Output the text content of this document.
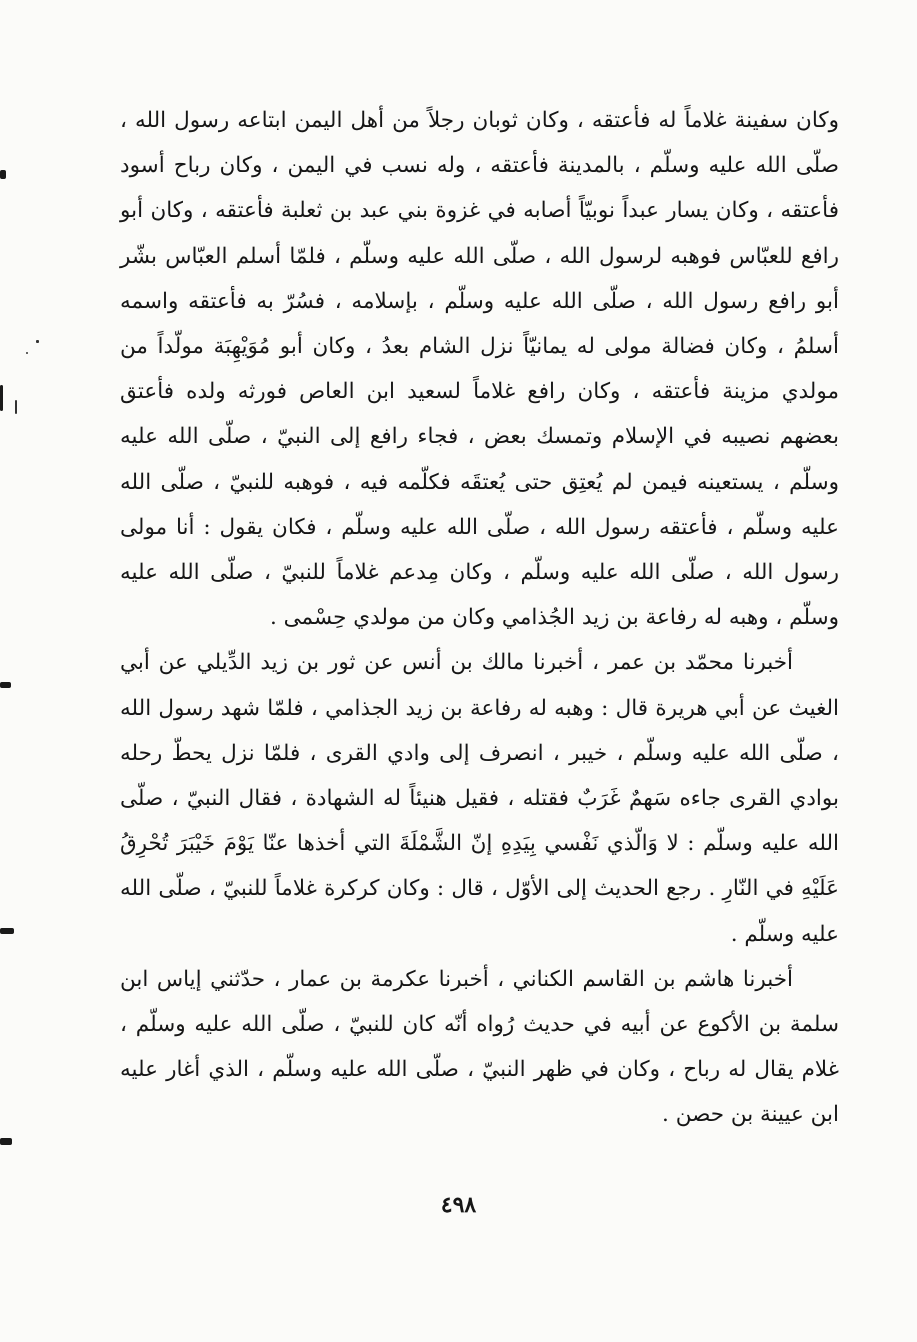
وكان سفينة غلاماً له فأعتقه ، وكان ثوبان رجلاً من أهل اليمن ابتاعه رسول الله ، صلّى الله عليه وسلّم ، بالمدينة فأعتقه ، وله نسب في اليمن ، وكان رباح أسود فأعتقه ، وكان يسار عبداً نوبيّاً أصابه في غزوة بني عبد بن ثعلبة فأعتقه ، وكان أبو رافع للعبّاس فوهبه لرسول الله ، صلّى الله عليه وسلّم ، فلمّا أسلم العبّاس بشّر أبو رافع رسول الله ، صلّى الله عليه وسلّم ، بإسلامه ، فسُرّ به فأعتقه واسمه أسلمُ ، وكان فضالة مولى له يمانيّاً نزل الشام بعدُ ، وكان أبو مُوَيْهِبَة مولّداً من مولدي مزينة فأعتقه ، وكان رافع غلاماً لسعيد ابن العاص فورثه ولده فأعتق بعضهم نصيبه في الإسلام وتمسك بعض ، فجاء رافع إلى النبيّ ، صلّى الله عليه وسلّم ، يستعينه فيمن لم يُعتِق حتى يُعتقَه فكلّمه فيه ، فوهبه للنبيّ ، صلّى الله عليه وسلّم ، فأعتقه رسول الله ، صلّى الله عليه وسلّم ، فكان يقول : أنا مولى رسول الله ، صلّى الله عليه وسلّم ، وكان مِدعم غلاماً للنبيّ ، صلّى الله عليه وسلّم ، وهبه له رفاعة بن زيد الجُذامي وكان من مولدي حِسْمى .

أخبرنا محمّد بن عمر ، أخبرنا مالك بن أنس عن ثور بن زيد الدِّيلي عن أبي الغيث عن أبي هريرة قال : وهبه له رفاعة بن زيد الجذامي ، فلمّا شهد رسول الله ، صلّى الله عليه وسلّم ، خيبر ، انصرف إلى وادي القرى ، فلمّا نزل يحطّ رحله بوادي القرى جاءه سَهمٌ غَرَبٌ فقتله ، فقيل هنيئاً له الشهادة ، فقال النبيّ ، صلّى الله عليه وسلّم : لا وَالّذي نَفْسي بِيَدِهِ إنّ الشَّمْلَةَ التي أخذها عنّا يَوْمَ خَيْبَرَ تُحْرِقُ عَلَيْهِ في النّارِ . رجع الحديث إلى الأوّل ، قال : وكان كركرة غلاماً للنبيّ ، صلّى الله عليه وسلّم .

أخبرنا هاشم بن القاسم الكناني ، أخبرنا عكرمة بن عمار ، حدّثني إياس ابن سلمة بن الأكوع عن أبيه في حديث رُواه أنّه كان للنبيّ ، صلّى الله عليه وسلّم ، غلام يقال له رباح ، وكان في ظهر النبيّ ، صلّى الله عليه وسلّم ، الذي أغار عليه ابن عيينة بن حصن .

٤٩٨
